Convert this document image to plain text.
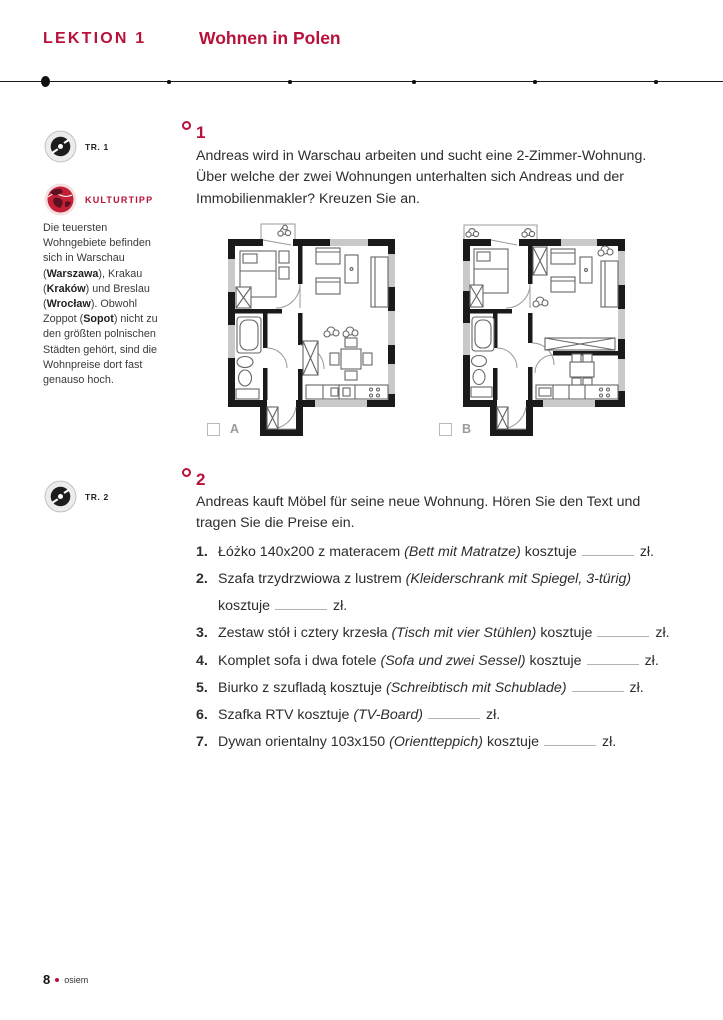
LEKTION 1	Wohnen in Polen
TR. 1
KULTURTIPP
Die teuersten Wohngebiete befinden sich in Warschau (Warszawa), Krakau (Kraków) und Breslau (Wrocław). Obwohl Zoppot (Sopot) nicht zu den größten polnischen Städten gehört, sind die Wohnpreise dort fast genauso hoch.
1
Andreas wird in Warschau arbeiten und sucht eine 2-Zimmer-Wohnung. Über welche der zwei Wohnungen unterhalten sich Andreas und der Immobilienmakler? Kreuzen Sie an.
A	B
TR. 2
2
Andreas kauft Möbel für seine neue Wohnung. Hören Sie den Text und tragen Sie die Preise ein.
1. Łóżko 140x200 z materacem (Bett mit Matratze) kosztuje	zł.
2. Szafa trzydrzwiowa z lustrem (Kleiderschrank mit Spiegel, 3-türig)
kosztuje	zł.
3. Zestaw stół i cztery krzesła (Tisch mit vier Stühlen) kosztuje	zł.
4. Komplet sofa i dwa fotele (Sofa und zwei Sessel) kosztuje	zł.
5. Biurko z szufladą kosztuje (Schreibtisch mit Schublade)	zł.
6. Szafka RTV kosztuje (TV-Board)	zł.
7. Dywan orientalny 103x150 (Orientteppich) kosztuje	zł.
8 osiem
